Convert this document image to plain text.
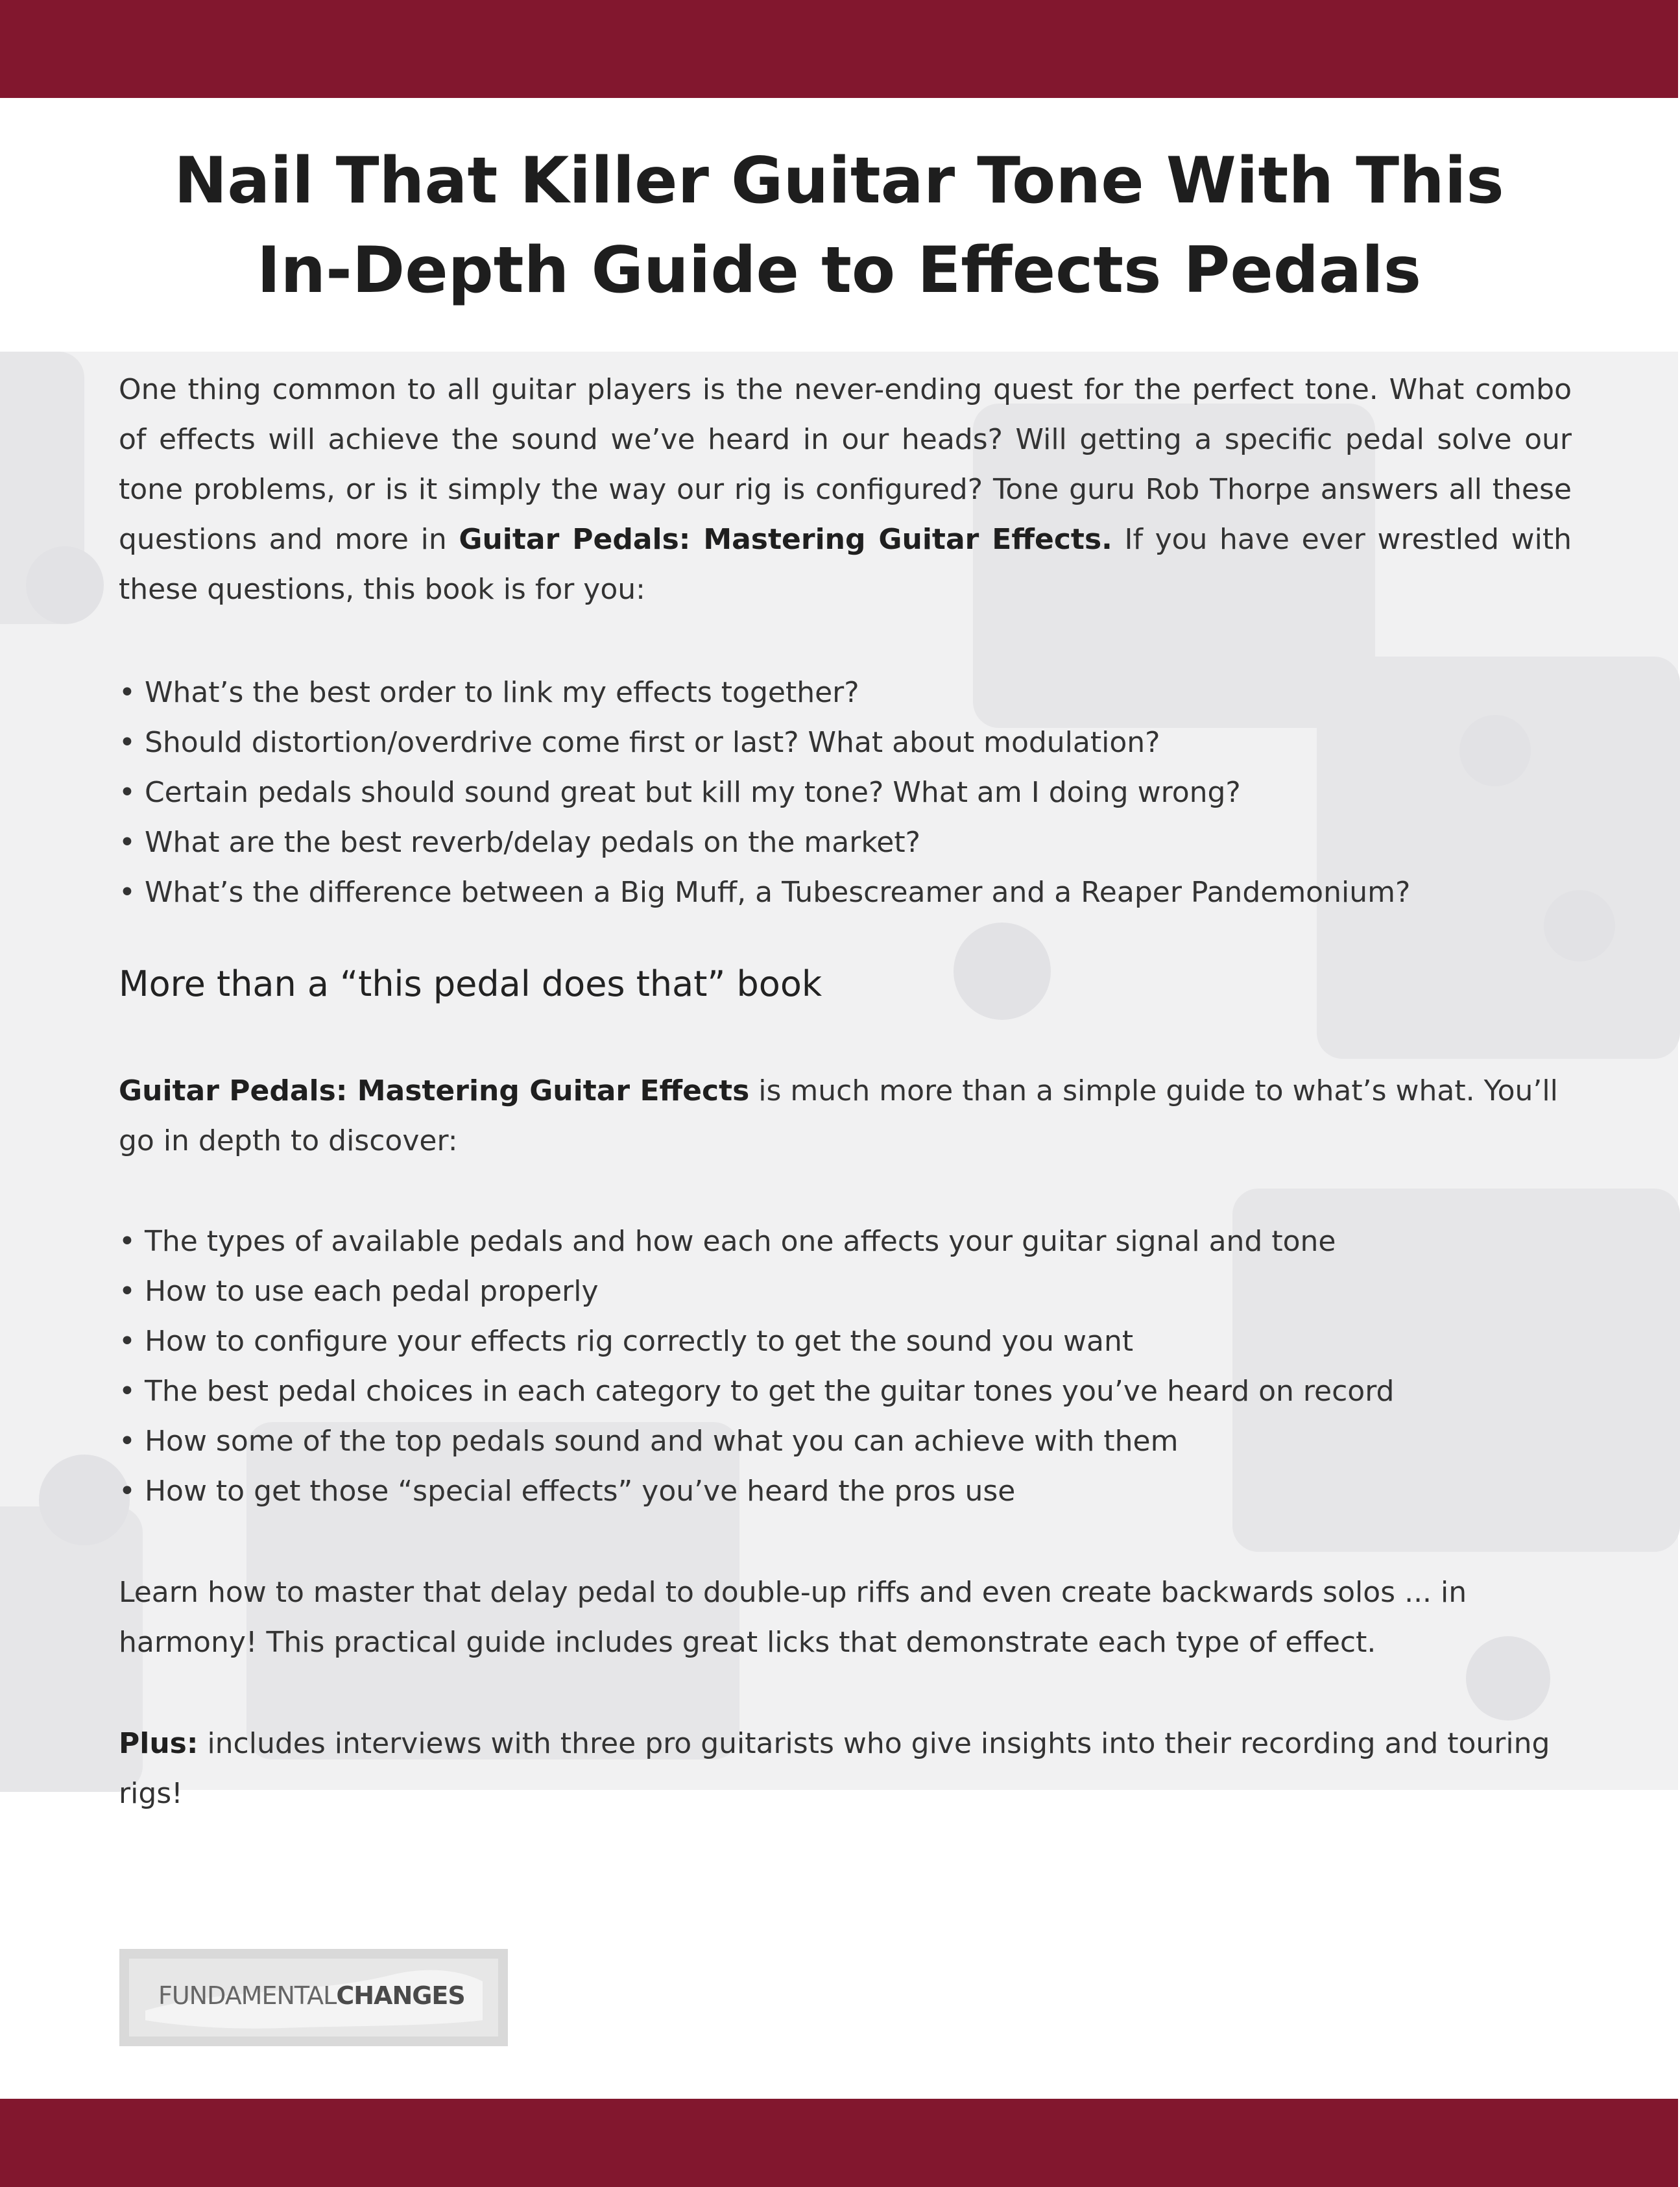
Nail That Killer Guitar Tone With This
In-Depth Guide to Effects Pedals

One thing common to all guitar players is the never-ending quest for the perfect tone. What combo of effects will achieve the sound we’ve heard in our heads? Will getting a specific pedal solve our tone problems, or is it simply the way our rig is configured? Tone guru Rob Thorpe answers all these questions and more in Guitar Pedals: Mastering Guitar Effects. If you have ever wrestled with these questions, this book is for you:

• What’s the best order to link my effects together?
• Should distortion/overdrive come first or last? What about modulation?
• Certain pedals should sound great but kill my tone? What am I doing wrong?
• What are the best reverb/delay pedals on the market?
• What’s the difference between a Big Muff, a Tubescreamer and a Reaper Pandemonium?
More than a “this pedal does that” book

Guitar Pedals: Mastering Guitar Effects is much more than a simple guide to what’s what. You’ll go in depth to discover:

• The types of available pedals and how each one affects your guitar signal and tone
• How to use each pedal properly
• How to configure your effects rig correctly to get the sound you want
• The best pedal choices in each category to get the guitar tones you’ve heard on record
• How some of the top pedals sound and what you can achieve with them
• How to get those “special effects” you’ve heard the pros use

Learn how to master that delay pedal to double-up riffs and even create backwards solos ... in harmony! This practical guide includes great licks that demonstrate each type of effect.

Plus: includes interviews with three pro guitarists who give insights into their recording and touring rigs!

FUNDAMENTALCHANGES
